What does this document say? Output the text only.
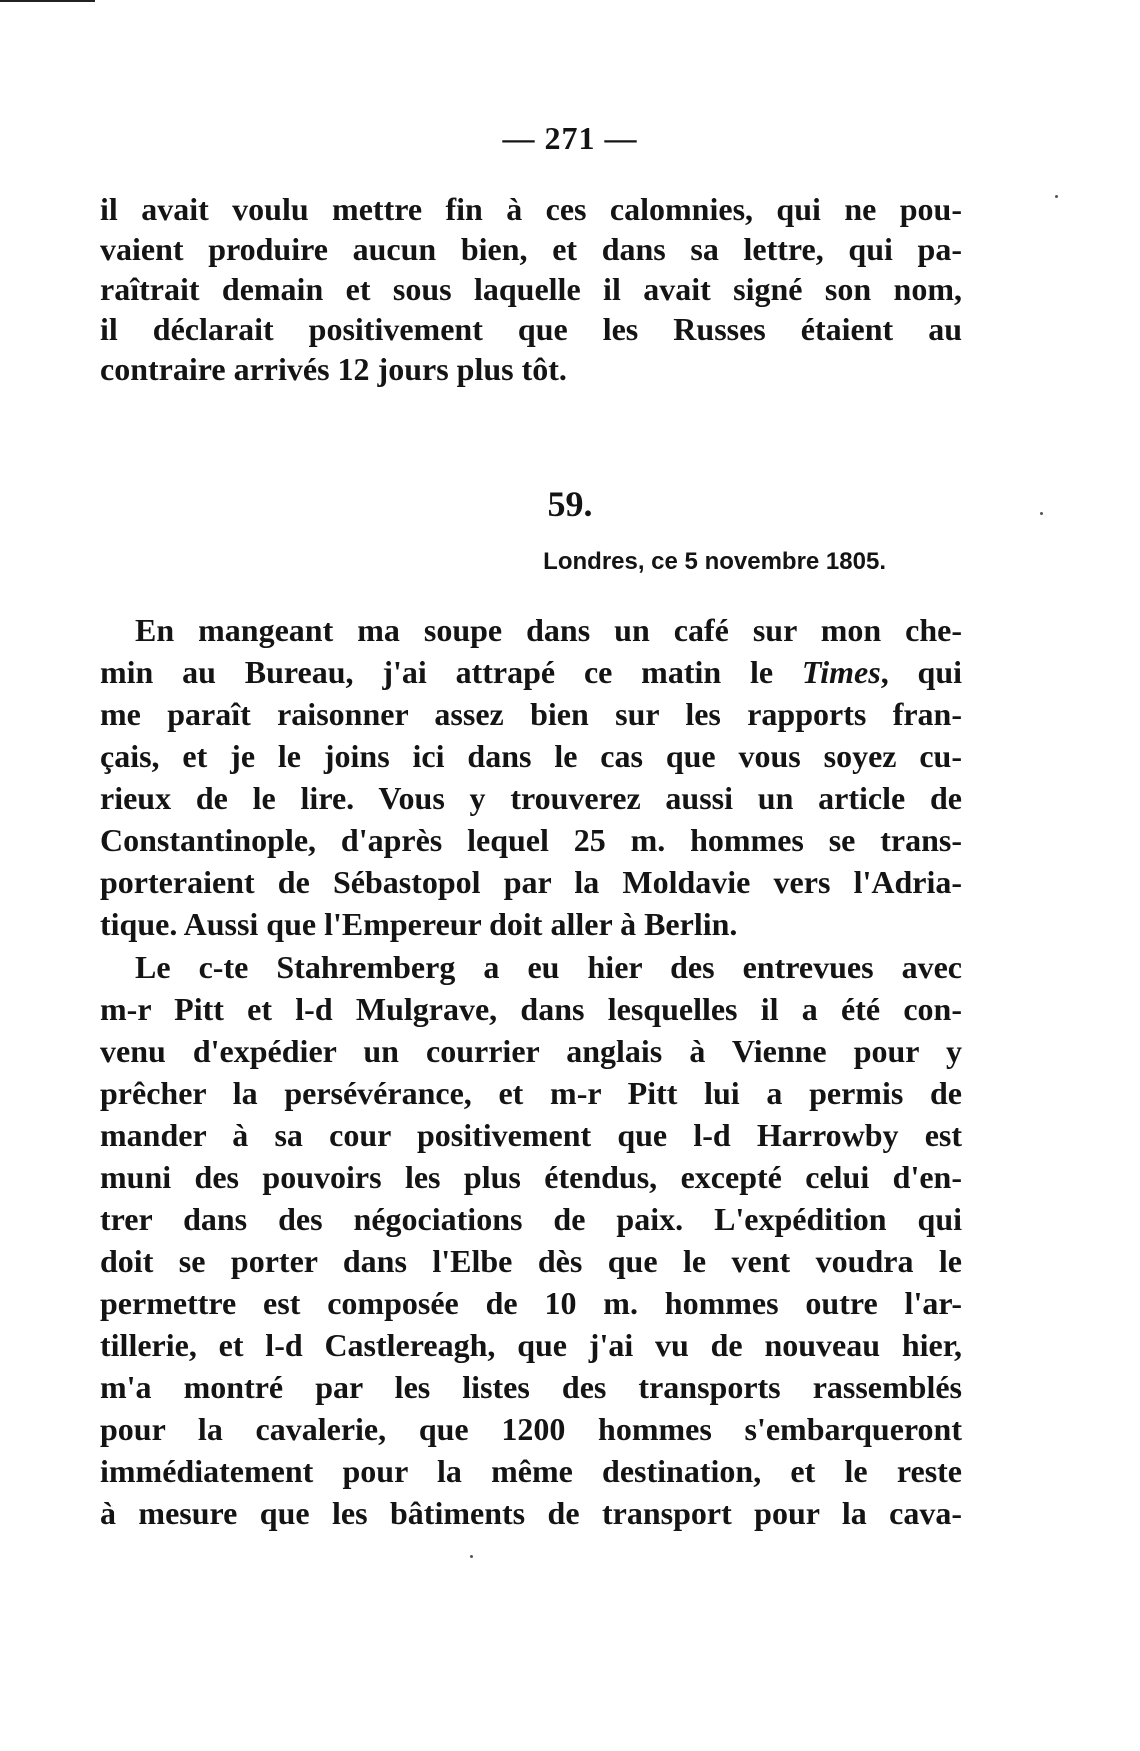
— 271 —
il avait voulu mettre fin à ces calomnies, qui ne pou-
vaient produire aucun bien, et dans sa lettre, qui pa-
raîtrait demain et sous laquelle il avait signé son nom,
il déclarait positivement que les Russes étaient au
contraire arrivés 12 jours plus tôt.
59.
Londres, ce 5 novembre 1805.
En mangeant ma soupe dans un café sur mon che-
min au Bureau, j'ai attrapé ce matin le Times, qui
me paraît raisonner assez bien sur les rapports fran-
çais, et je le joins ici dans le cas que vous soyez cu-
rieux de le lire. Vous y trouverez aussi un article de
Constantinople, d'après lequel 25 m. hommes se trans-
porteraient de Sébastopol par la Moldavie vers l'Adria-
tique. Aussi que l'Empereur doit aller à Berlin.
Le c-te Stahremberg a eu hier des entrevues avec
m-r Pitt et l-d Mulgrave, dans lesquelles il a été con-
venu d'expédier un courrier anglais à Vienne pour y
prêcher la persévérance, et m-r Pitt lui a permis de
mander à sa cour positivement que l-d Harrowby est
muni des pouvoirs les plus étendus, excepté celui d'en-
trer dans des négociations de paix. L'expédition qui
doit se porter dans l'Elbe dès que le vent voudra le
permettre est composée de 10 m. hommes outre l'ar-
tillerie, et l-d Castlereagh, que j'ai vu de nouveau hier,
m'a montré par les listes des transports rassemblés
pour la cavalerie, que 1200 hommes s'embarqueront
immédiatement pour la même destination, et le reste
à mesure que les bâtiments de transport pour la cava-
